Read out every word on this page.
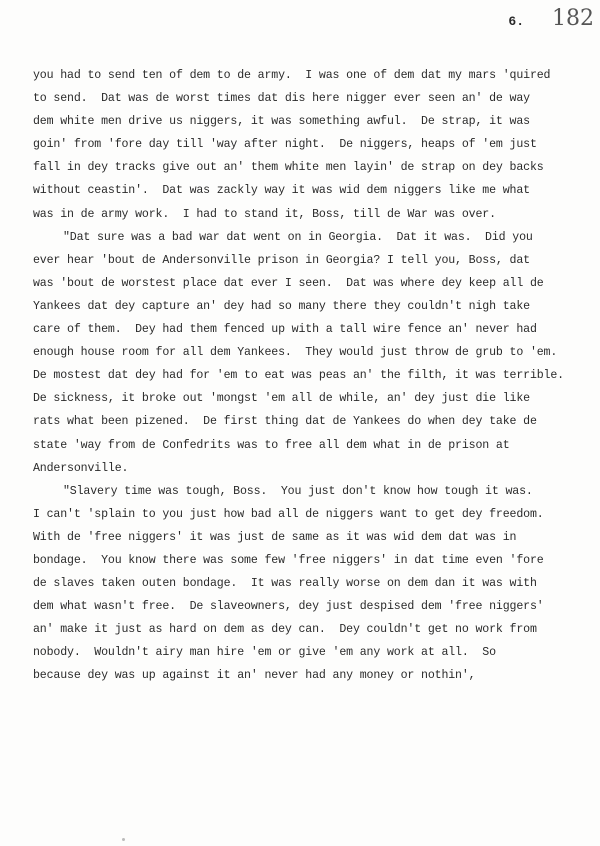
6. 182
you had to send ten of dem to de army.  I was one of dem dat my mars 'quired
to send.  Dat was de worst times dat dis here nigger ever seen an' de way
dem white men drive us niggers, it was something awful.  De strap, it was
goin' from 'fore day till 'way after night.  De niggers, heaps of 'em just
fall in dey tracks give out an' them white men layin' de strap on dey backs
without ceastin'.  Dat was zackly way it was wid dem niggers like me what
was in de army work.  I had to stand it, Boss, till de War was over.
"Dat sure was a bad war dat went on in Georgia.  Dat it was.  Did you
ever hear 'bout de Andersonville prison in Georgia? I tell you, Boss, dat
was 'bout de worstest place dat ever I seen.  Dat was where dey keep all de
Yankees dat dey capture an' dey had so many there they couldn't nigh take
care of them.  Dey had them fenced up with a tall wire fence an' never had
enough house room for all dem Yankees.  They would just throw de grub to 'em.
De mostest dat dey had for 'em to eat was peas an' the filth, it was terrible.
De sickness, it broke out 'mongst 'em all de while, an' dey just die like
rats what been pizened.  De first thing dat de Yankees do when dey take de
state 'way from de Confedrits was to free all dem what in de prison at
Andersonville.
"Slavery time was tough, Boss.  You just don't know how tough it was.
I can't 'splain to you just how bad all de niggers want to get dey freedom.
With de 'free niggers' it was just de same as it was wid dem dat was in
bondage.  You know there was some few 'free niggers' in dat time even 'fore
de slaves taken outen bondage.  It was really worse on dem dan it was with
dem what wasn't free.  De slaveowners, dey just despised dem 'free niggers'
an' make it just as hard on dem as dey can.  Dey couldn't get no work from
nobody.  Wouldn't airy man hire 'em or give 'em any work at all.  So
because dey was up against it an' never had any money or nothin',
